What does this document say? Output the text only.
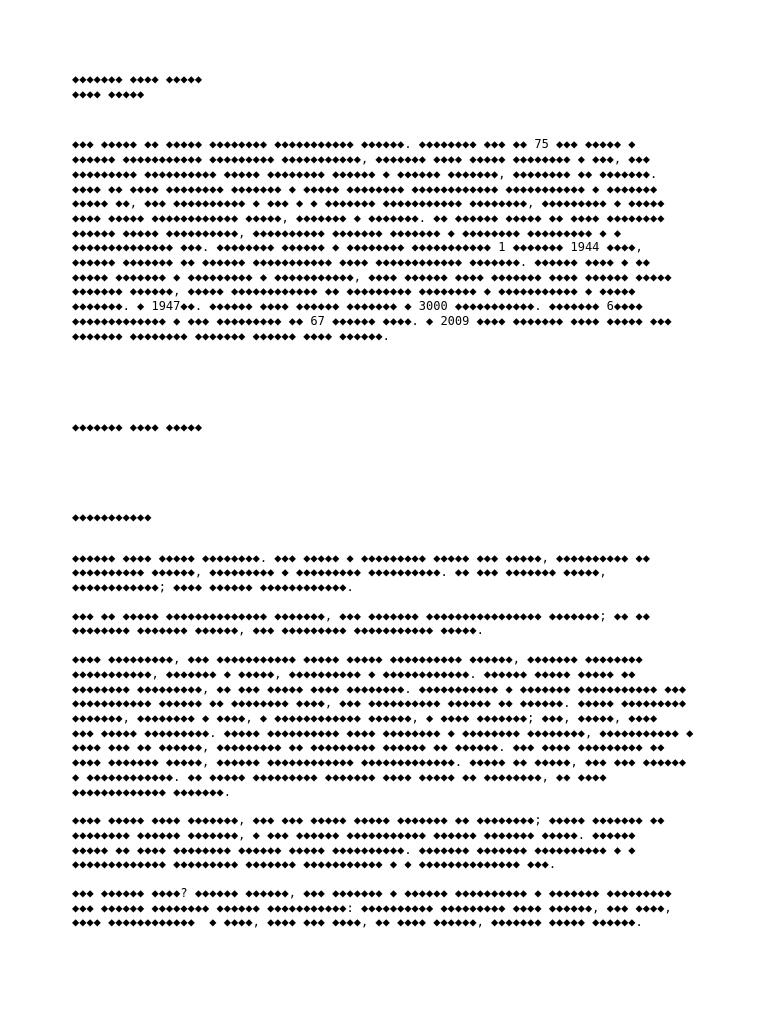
◆◆◆◆◆◆◆ ◆◆◆◆ ◆◆◆◆◆
◆◆◆◆ ◆◆◆◆◆
◆◆◆ ◆◆◆◆◆ ◆◆ ◆◆◆◆◆ ◆◆◆◆◆◆◆◆ ◆◆◆◆◆◆◆◆◆◆◆ ◆◆◆◆◆◆. ◆◆◆◆◆◆◆◆ ◆◆◆ ◆◆ 75 ◆◆◆ ◆◆◆◆◆ ◆
◆◆◆◆◆◆ ◆◆◆◆◆◆◆◆◆◆◆ ◆◆◆◆◆◆◆◆◆ ◆◆◆◆◆◆◆◆◆◆◆, ◆◆◆◆◆◆◆ ◆◆◆◆ ◆◆◆◆◆ ◆◆◆◆◆◆◆◆ ◆ ◆◆◆, ◆◆◆
◆◆◆◆◆◆◆◆◆ ◆◆◆◆◆◆◆◆◆◆ ◆◆◆◆◆ ◆◆◆◆◆◆◆◆ ◆◆◆◆◆◆ ◆ ◆◆◆◆◆◆ ◆◆◆◆◆◆◆, ◆◆◆◆◆◆◆◆ ◆◆ ◆◆◆◆◆◆◆.
◆◆◆◆ ◆◆ ◆◆◆◆ ◆◆◆◆◆◆◆◆ ◆◆◆◆◆◆◆ ◆ ◆◆◆◆◆ ◆◆◆◆◆◆◆◆ ◆◆◆◆◆◆◆◆◆◆◆◆ ◆◆◆◆◆◆◆◆◆◆◆ ◆ ◆◆◆◆◆◆◆
◆◆◆◆◆ ◆◆, ◆◆◆ ◆◆◆◆◆◆◆◆◆◆ ◆ ◆◆◆ ◆ ◆ ◆◆◆◆◆◆◆ ◆◆◆◆◆◆◆◆◆◆◆ ◆◆◆◆◆◆◆◆, ◆◆◆◆◆◆◆◆◆ ◆ ◆◆◆◆◆
◆◆◆◆ ◆◆◆◆◆ ◆◆◆◆◆◆◆◆◆◆◆◆ ◆◆◆◆◆, ◆◆◆◆◆◆◆ ◆ ◆◆◆◆◆◆◆. ◆◆ ◆◆◆◆◆◆ ◆◆◆◆◆ ◆◆ ◆◆◆◆ ◆◆◆◆◆◆◆◆
◆◆◆◆◆◆ ◆◆◆◆◆ ◆◆◆◆◆◆◆◆◆◆, ◆◆◆◆◆◆◆◆◆◆ ◆◆◆◆◆◆◆ ◆◆◆◆◆◆◆ ◆ ◆◆◆◆◆◆◆◆ ◆◆◆◆◆◆◆◆◆ ◆ ◆
◆◆◆◆◆◆◆◆◆◆◆◆◆◆ ◆◆◆. ◆◆◆◆◆◆◆◆ ◆◆◆◆◆◆ ◆ ◆◆◆◆◆◆◆◆ ◆◆◆◆◆◆◆◆◆◆◆ 1 ◆◆◆◆◆◆◆ 1944 ◆◆◆◆,
◆◆◆◆◆◆ ◆◆◆◆◆◆◆ ◆◆ ◆◆◆◆◆◆ ◆◆◆◆◆◆◆◆◆◆◆ ◆◆◆◆ ◆◆◆◆◆◆◆◆◆◆◆◆ ◆◆◆◆◆◆◆. ◆◆◆◆◆◆ ◆◆◆◆ ◆ ◆◆
◆◆◆◆◆ ◆◆◆◆◆◆◆ ◆ ◆◆◆◆◆◆◆◆◆ ◆ ◆◆◆◆◆◆◆◆◆◆◆, ◆◆◆◆ ◆◆◆◆◆◆ ◆◆◆◆ ◆◆◆◆◆◆◆ ◆◆◆◆ ◆◆◆◆◆◆ ◆◆◆◆◆
◆◆◆◆◆◆◆ ◆◆◆◆◆◆, ◆◆◆◆◆ ◆◆◆◆◆◆◆◆◆◆◆◆ ◆◆ ◆◆◆◆◆◆◆◆◆ ◆◆◆◆◆◆◆◆ ◆ ◆◆◆◆◆◆◆◆◆◆◆ ◆ ◆◆◆◆◆
◆◆◆◆◆◆◆. ◆ 1947◆◆. ◆◆◆◆◆◆ ◆◆◆◆ ◆◆◆◆◆◆ ◆◆◆◆◆◆◆ ◆ 3000 ◆◆◆◆◆◆◆◆◆◆◆. ◆◆◆◆◆◆◆ 6◆◆◆◆
◆◆◆◆◆◆◆◆◆◆◆◆◆ ◆ ◆◆◆ ◆◆◆◆◆◆◆◆◆ ◆◆ 67 ◆◆◆◆◆◆ ◆◆◆◆. ◆ 2009 ◆◆◆◆ ◆◆◆◆◆◆◆ ◆◆◆◆ ◆◆◆◆◆ ◆◆◆
◆◆◆◆◆◆◆ ◆◆◆◆◆◆◆◆ ◆◆◆◆◆◆◆ ◆◆◆◆◆◆ ◆◆◆◆ ◆◆◆◆◆◆.
◆◆◆◆◆◆◆ ◆◆◆◆ ◆◆◆◆◆
◆◆◆◆◆◆◆◆◆◆◆
◆◆◆◆◆◆ ◆◆◆◆ ◆◆◆◆◆ ◆◆◆◆◆◆◆◆. ◆◆◆ ◆◆◆◆◆ ◆ ◆◆◆◆◆◆◆◆◆ ◆◆◆◆◆ ◆◆◆ ◆◆◆◆◆, ◆◆◆◆◆◆◆◆◆◆ ◆◆
◆◆◆◆◆◆◆◆◆◆ ◆◆◆◆◆◆, ◆◆◆◆◆◆◆◆◆ ◆ ◆◆◆◆◆◆◆◆◆ ◆◆◆◆◆◆◆◆◆◆. ◆◆ ◆◆◆ ◆◆◆◆◆◆◆ ◆◆◆◆◆,
◆◆◆◆◆◆◆◆◆◆◆◆; ◆◆◆◆ ◆◆◆◆◆◆ ◆◆◆◆◆◆◆◆◆◆◆◆.
◆◆◆ ◆◆ ◆◆◆◆◆ ◆◆◆◆◆◆◆◆◆◆◆◆◆◆ ◆◆◆◆◆◆◆, ◆◆◆ ◆◆◆◆◆◆◆ ◆◆◆◆◆◆◆◆◆◆◆◆◆◆◆◆ ◆◆◆◆◆◆◆; ◆◆ ◆◆
◆◆◆◆◆◆◆◆ ◆◆◆◆◆◆◆ ◆◆◆◆◆◆, ◆◆◆ ◆◆◆◆◆◆◆◆◆ ◆◆◆◆◆◆◆◆◆◆◆ ◆◆◆◆◆.
◆◆◆◆ ◆◆◆◆◆◆◆◆◆, ◆◆◆ ◆◆◆◆◆◆◆◆◆◆◆ ◆◆◆◆◆ ◆◆◆◆◆ ◆◆◆◆◆◆◆◆◆◆ ◆◆◆◆◆◆, ◆◆◆◆◆◆◆ ◆◆◆◆◆◆◆◆
◆◆◆◆◆◆◆◆◆◆◆, ◆◆◆◆◆◆◆ ◆ ◆◆◆◆◆, ◆◆◆◆◆◆◆◆◆◆ ◆ ◆◆◆◆◆◆◆◆◆◆◆◆. ◆◆◆◆◆◆ ◆◆◆◆◆ ◆◆◆◆◆ ◆◆
◆◆◆◆◆◆◆◆ ◆◆◆◆◆◆◆◆◆, ◆◆ ◆◆◆ ◆◆◆◆◆ ◆◆◆◆ ◆◆◆◆◆◆◆◆. ◆◆◆◆◆◆◆◆◆◆◆ ◆ ◆◆◆◆◆◆◆ ◆◆◆◆◆◆◆◆◆◆◆ ◆◆◆
◆◆◆◆◆◆◆◆◆◆◆ ◆◆◆◆◆◆ ◆◆ ◆◆◆◆◆◆◆◆ ◆◆◆◆, ◆◆◆ ◆◆◆◆◆◆◆◆◆◆ ◆◆◆◆◆◆ ◆◆ ◆◆◆◆◆◆. ◆◆◆◆◆ ◆◆◆◆◆◆◆◆◆
◆◆◆◆◆◆◆, ◆◆◆◆◆◆◆◆ ◆ ◆◆◆◆, ◆ ◆◆◆◆◆◆◆◆◆◆◆◆ ◆◆◆◆◆◆, ◆ ◆◆◆◆ ◆◆◆◆◆◆◆; ◆◆◆, ◆◆◆◆◆, ◆◆◆◆
◆◆◆ ◆◆◆◆◆ ◆◆◆◆◆◆◆◆◆. ◆◆◆◆◆ ◆◆◆◆◆◆◆◆◆◆ ◆◆◆◆ ◆◆◆◆◆◆◆◆ ◆ ◆◆◆◆◆◆◆◆ ◆◆◆◆◆◆◆◆, ◆◆◆◆◆◆◆◆◆◆◆ ◆
◆◆◆◆ ◆◆◆ ◆◆ ◆◆◆◆◆◆, ◆◆◆◆◆◆◆◆◆ ◆◆ ◆◆◆◆◆◆◆◆◆ ◆◆◆◆◆◆ ◆◆ ◆◆◆◆◆◆. ◆◆◆ ◆◆◆◆ ◆◆◆◆◆◆◆◆◆ ◆◆
◆◆◆◆ ◆◆◆◆◆◆◆ ◆◆◆◆◆, ◆◆◆◆◆◆ ◆◆◆◆◆◆◆◆◆◆◆◆ ◆◆◆◆◆◆◆◆◆◆◆◆◆. ◆◆◆◆◆ ◆◆ ◆◆◆◆◆, ◆◆◆ ◆◆◆ ◆◆◆◆◆◆
◆ ◆◆◆◆◆◆◆◆◆◆◆◆. ◆◆ ◆◆◆◆◆ ◆◆◆◆◆◆◆◆◆ ◆◆◆◆◆◆◆ ◆◆◆◆ ◆◆◆◆◆ ◆◆ ◆◆◆◆◆◆◆◆, ◆◆ ◆◆◆◆
◆◆◆◆◆◆◆◆◆◆◆◆◆ ◆◆◆◆◆◆◆.
◆◆◆◆ ◆◆◆◆◆ ◆◆◆◆ ◆◆◆◆◆◆◆, ◆◆◆ ◆◆◆ ◆◆◆◆◆ ◆◆◆◆◆ ◆◆◆◆◆◆◆ ◆◆ ◆◆◆◆◆◆◆◆; ◆◆◆◆◆ ◆◆◆◆◆◆◆ ◆◆
◆◆◆◆◆◆◆◆ ◆◆◆◆◆◆ ◆◆◆◆◆◆◆, ◆ ◆◆◆ ◆◆◆◆◆◆ ◆◆◆◆◆◆◆◆◆◆◆ ◆◆◆◆◆◆ ◆◆◆◆◆◆◆ ◆◆◆◆◆. ◆◆◆◆◆◆
◆◆◆◆◆ ◆◆ ◆◆◆◆ ◆◆◆◆◆◆◆◆ ◆◆◆◆◆◆ ◆◆◆◆◆ ◆◆◆◆◆◆◆◆◆◆. ◆◆◆◆◆◆◆ ◆◆◆◆◆◆◆ ◆◆◆◆◆◆◆◆◆◆ ◆ ◆
◆◆◆◆◆◆◆◆◆◆◆◆◆ ◆◆◆◆◆◆◆◆◆ ◆◆◆◆◆◆◆ ◆◆◆◆◆◆◆◆◆◆◆ ◆ ◆ ◆◆◆◆◆◆◆◆◆◆◆◆◆◆ ◆◆◆.
◆◆◆ ◆◆◆◆◆◆ ◆◆◆◆? ◆◆◆◆◆◆ ◆◆◆◆◆◆, ◆◆◆ ◆◆◆◆◆◆◆ ◆ ◆◆◆◆◆◆ ◆◆◆◆◆◆◆◆◆◆ ◆ ◆◆◆◆◆◆◆ ◆◆◆◆◆◆◆◆◆
◆◆◆ ◆◆◆◆◆◆ ◆◆◆◆◆◆◆◆ ◆◆◆◆◆◆ ◆◆◆◆◆◆◆◆◆◆◆: ◆◆◆◆◆◆◆◆◆◆ ◆◆◆◆◆◆◆◆◆ ◆◆◆◆ ◆◆◆◆◆◆, ◆◆◆ ◆◆◆◆,
◆◆◆◆ ◆◆◆◆◆◆◆◆◆◆◆◆  ◆ ◆◆◆◆, ◆◆◆◆ ◆◆◆ ◆◆◆◆, ◆◆ ◆◆◆◆ ◆◆◆◆◆◆, ◆◆◆◆◆◆◆ ◆◆◆◆◆ ◆◆◆◆◆◆.
